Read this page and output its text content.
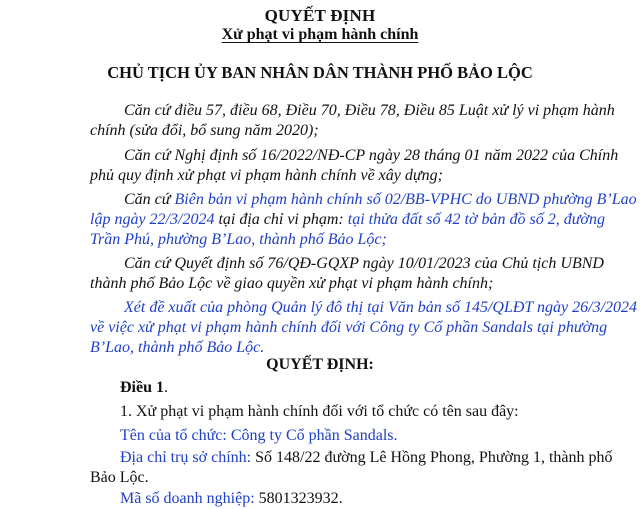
QUYẾT ĐỊNH
Xử phạt vi phạm hành chính
CHỦ TỊCH ỦY BAN NHÂN DÂN THÀNH PHỐ BẢO LỘC
Căn cứ điều 57, điều 68, Điều 70, Điều 78, Điều 85 Luật xử lý vi phạm hành
chính (sửa đổi, bổ sung năm 2020);
Căn cứ Nghị định số 16/2022/NĐ-CP ngày 28 tháng 01 năm 2022 của Chính
phủ quy định xử phạt vi phạm hành chính về xây dựng;
Căn cứ Biên bản vi phạm hành chính số 02/BB-VPHC do UBND phường B’Lao
lập ngày 22/3/2024 tại địa chỉ vi phạm: tại thửa đất số 42 tờ bản đồ số 2, đường
Trần Phú, phường B’Lao, thành phố Bảo Lộc;
Căn cứ Quyết định số 76/QĐ-GQXP ngày 10/01/2023 của Chủ tịch UBND
thành phố Bảo Lộc về giao quyền xử phạt vi phạm hành chính;
Xét đề xuất của phòng Quản lý đô thị tại Văn bản số 145/QLĐT ngày 26/3/2024
về việc xử phạt vi phạm hành chính đối với Công ty Cổ phần Sandals tại phường
B’Lao, thành phố Bảo Lộc.
QUYẾT ĐỊNH:
Điều 1.
1. Xử phạt vi phạm hành chính đối với tổ chức có tên sau đây:
Tên của tổ chức: Công ty Cổ phần Sandals.
Địa chỉ trụ sở chính: Số 148/22 đường Lê Hồng Phong, Phường 1, thành phố
Bảo Lộc.
Mã số doanh nghiệp: 5801323932.
